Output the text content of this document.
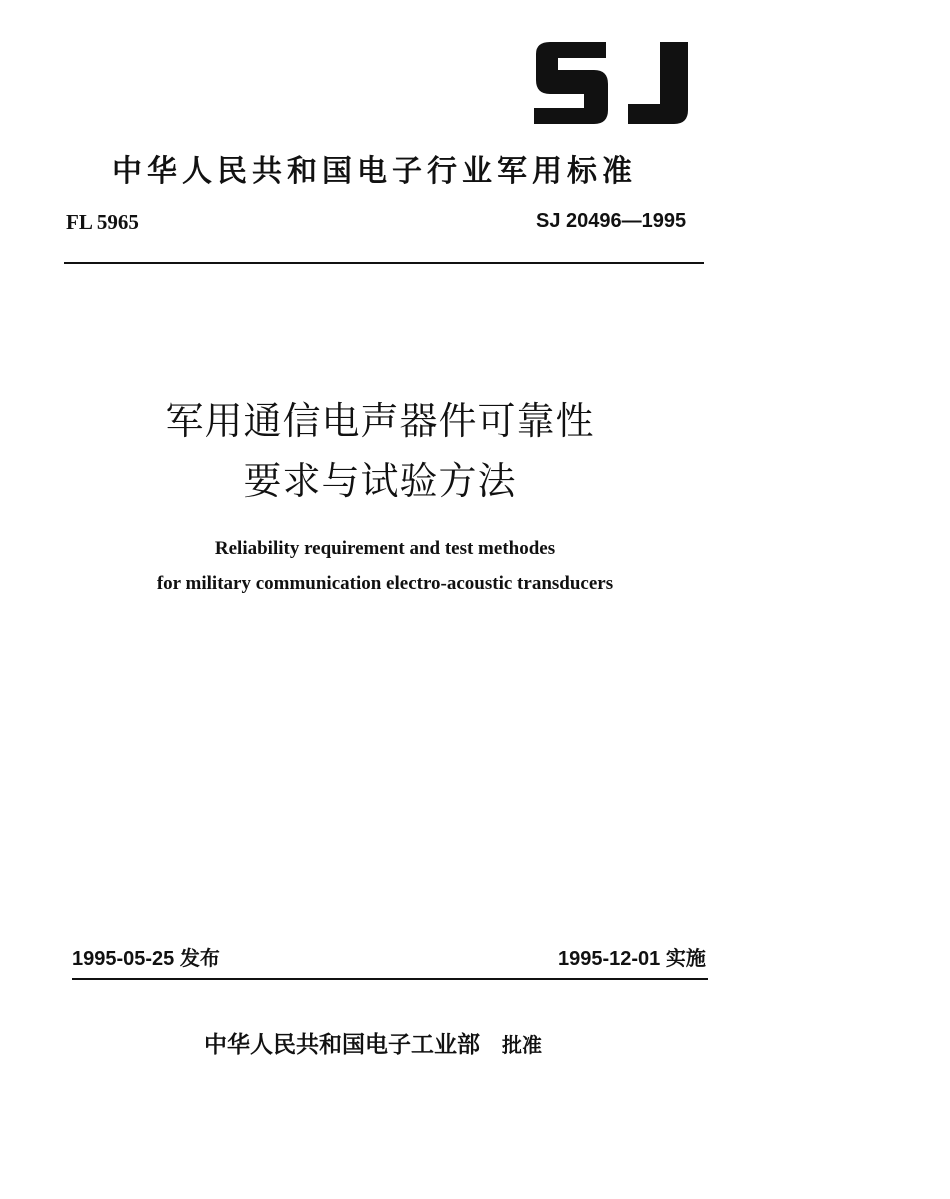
中华人民共和国电子行业军用标准
FL 5965	SJ 20496—1995
军用通信电声器件可靠性
要求与试验方法
Reliability requirement and test methodes
for military communication electro-acoustic transducers
1995-05-25 发布	1995-12-01 实施
中华人民共和国电子工业部 批准
